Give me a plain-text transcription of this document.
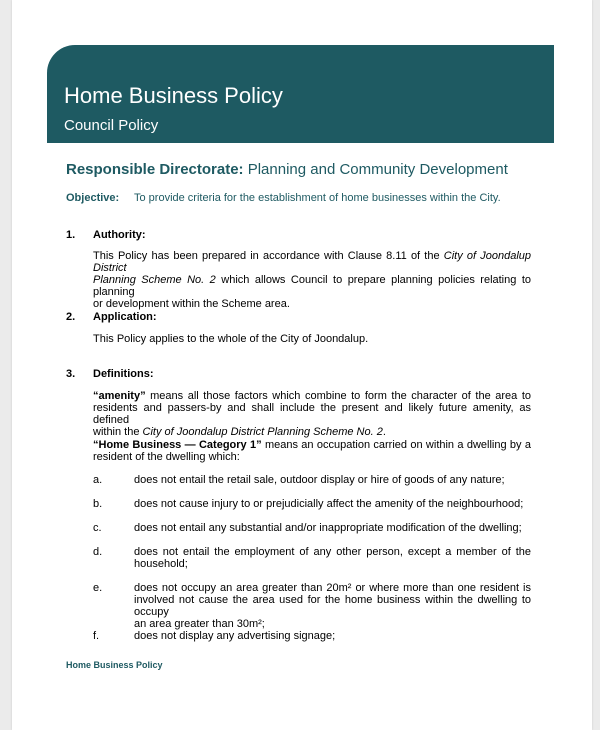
Home Business Policy
Council Policy
Responsible Directorate: Planning and Community Development
Objective: To provide criteria for the establishment of home businesses within the City.
1. Authority:
This Policy has been prepared in accordance with Clause 8.11 of the City of Joondalup District
Planning Scheme No. 2 which allows Council to prepare planning policies relating to planning
or development within the Scheme area.
2. Application:
This Policy applies to the whole of the City of Joondalup.
3. Definitions:
“amenity” means all those factors which combine to form the character of the area to
residents and passers-by and shall include the present and likely future amenity, as defined
within the City of Joondalup District Planning Scheme No. 2.
“Home Business — Category 1” means an occupation carried on within a dwelling by a
resident of the dwelling which:
a.	does not entail the retail sale, outdoor display or hire of goods of any nature;
b.	does not cause injury to or prejudicially affect the amenity of the neighbourhood;
c.	does not entail any substantial and/or inappropriate modification of the dwelling;
d.	does not entail the employment of any other person, except a member of the
household;
e.	does not occupy an area greater than 20m² or where more than one resident is
involved not cause the area used for the home business within the dwelling to occupy
an area greater than 30m²;
f.	does not display any advertising signage;
Home Business Policy
